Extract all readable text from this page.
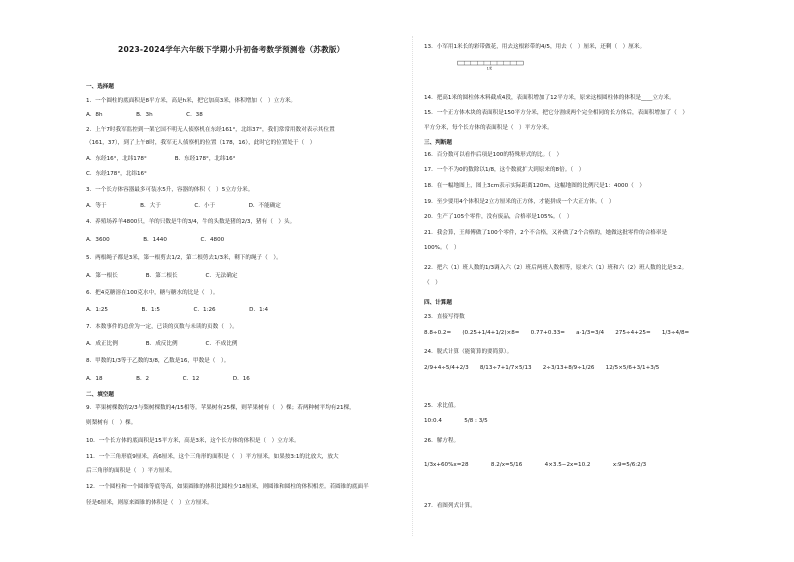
2023-2024学年六年级下学期小升初备考数学预测卷（苏教版）
一、选择题
1．一个圆柱的底面积是8平方米，高是h米，把它加高3米，体积增加（　）立方米。
A．8h　　　　　　B．3h　　　　　　C．38
2．上午7时我军监控到一架它国不明无人侦察机在东经161°，北纬37°，我们常常用数对表示其位置
（161，37），到了上午8时，我军无人侦察机的位置（178，16），此时它的位置处于（　）
A．东经16°，北纬178°　　　　　B．东经178°，北纬16°
C．东经178°，北纬16°
3．一个长方体容器最多可装水5升，容器的体积（　）5立方分米。
A．等于　　　　　　B．大于　　　　　　C．小于　　　　　　D．不能确定
4．养殖场养羊4800只，羊的只数是牛的3/4，牛的头数是猪的2/3，猪有（　）头。
A．3600　　　　　　B．1440　　　　　　C．4800
5．两根绳子都是3米，第一根剪去1/2，第二根剪去1/3米，剩下的绳子（　）。
A．第一根长　　　　　B．第二根长　　　　　C．无法确定
6．把4克糖溶在100克水中，糖与糖水的比是（　）。
A．1:25　　　　　　B．1:5　　　　　　C．1:26　　　　　　D．1:4
7．本数事件的总价为一定，已读的页数与未读的页数（　）。
A．成正比例　　　　　B．成反比例　　　　　C．不成比例
8．甲数的1/3等于乙数的3/8，乙数是16，甲数是（　）。
A．18　　　　　　B．2　　　　　　C．12　　　　　　D．16
二、填空题
9．苹果树棵数的2/3与梨树棵数的4/15相等。苹果树有25棵，则苹果树有（　）棵；若两种树平均有21棵，
则梨树有（　）棵。
10．一个长方体的底面积是15平方米，高是3米，这个长方体的体积是（　）立方米。
11．一个三角形底9厘米，高6厘米，这个三角形的面积是（　）平方厘米，如果按3:1的比放大，放大
后三角形的面积是（　）平方厘米。
12．一个圆柱和一个圆锥等底等高，如果圆锥的体积比圆柱少18厘米，则圆锥和圆柱的体积相差。若圆锥的底面半
径是6厘米，则原来圆锥的体积是（　）立方厘米。
13．小军用1米长的彩带做花，用去这根彩带的4/5，用去（　）厘米，还剩（　）厘米。
14．把高1米的圆柱体木料截成4段，表面积增加了12平方米，原来这根圆柱体的体积是____立方米。
15．一个正方体木块的表面积是150平方分米，把它分割成两个完全相同的长方体后，表面积增加了（　）
平方分米，每个长方体的表面积是（　）平方分米。
三、判断题
16．百分数可以看作后项是100的特殊形式的比。（　）
17．一个不为0的数除以1/8，这个数就扩大到原来的8倍。（　）
18．在一幅地图上，图上3cm表示实际距离120m，这幅地图的比例尺是1：4000（　）
19．至少要用4个体积是2立方厘米的正方体，才能拼成一个大正方体。（　）
20．生产了105个零件，没有废品，合格率是105%。（　）
21．我会算，王师傅做了100个零件，2个不合格，又补做了2个合格的，她做这批零件的合格率是
100%。（　）
22．把六（1）班人数的1/3调入六（2）班后两班人数相等，原来六（1）班和六（2）班人数的比是3:2。
（　）
四、计算题
23．直接写得数
8.8÷0.2=　　(0.25+1/4+1/2)×8=　　0.77+0.33=　　a·1/3=3/4　　275÷4+25=　　1/3÷4/8=
24．脱式计算（能简算的要简算）。
2/9+4÷5/4+2/3　　8/13÷7+1/7×5/13　　2÷3/13+8/9÷1/26　　12/5×5/6+3/1+3/5
25．求比值。
10:0.4　　　　5/8 : 3/5
26．解方程。
1/3x+60%x=28　　　　8.2/x=5/16　　　　4×3.5−2x=10.2　　　　x:9=5/6:2/3
27．看图列式计算。
1米
